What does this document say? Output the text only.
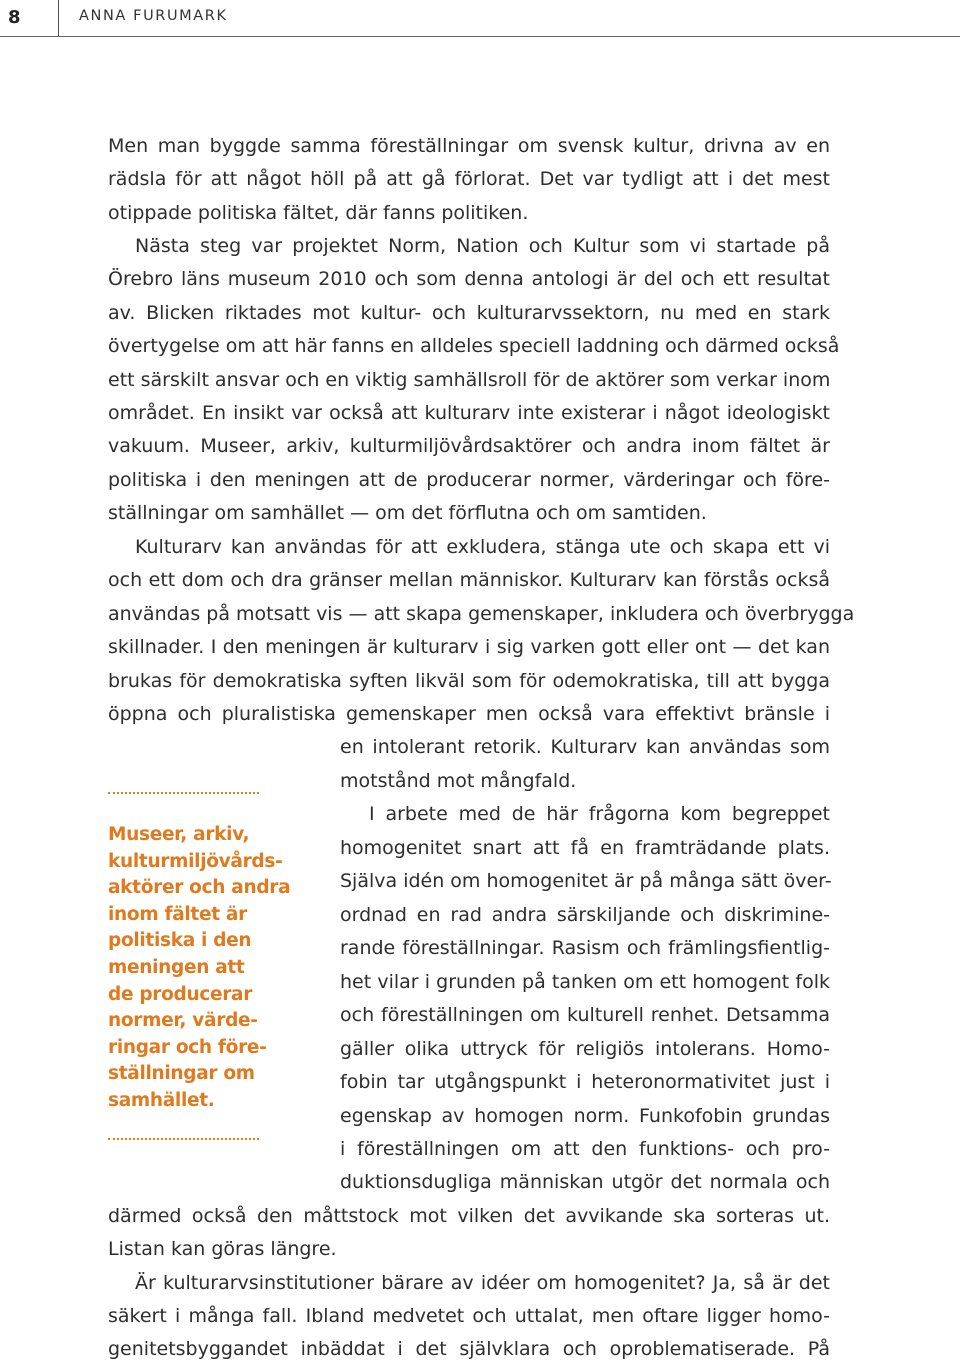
8	ANNA FURUMARK
Men man byggde samma föreställningar om svensk kultur, drivna av en
rädsla för att något höll på att gå förlorat. Det var tydligt att i det mest
otippade politiska fältet, där fanns politiken.
Nästa steg var projektet Norm, Nation och Kultur som vi startade på
Örebro läns museum 2010 och som denna antologi är del och ett resultat
av. Blicken riktades mot kultur- och kulturarvssektorn, nu med en stark
övertygelse om att här fanns en alldeles speciell laddning och därmed också
ett särskilt ansvar och en viktig samhällsroll för de aktörer som verkar inom
området. En insikt var också att kulturarv inte existerar i något ideologiskt
vakuum. Museer, arkiv, kulturmiljövårdsaktörer och andra inom fältet är
politiska i den meningen att de producerar normer, värderingar och före-
ställningar om samhället — om det förflutna och om samtiden.
Kulturarv kan användas för att exkludera, stänga ute och skapa ett vi
och ett dom och dra gränser mellan människor. Kulturarv kan förstås också
användas på motsatt vis — att skapa gemenskaper, inkludera och överbrygga
skillnader. I den meningen är kulturarv i sig varken gott eller ont — det kan
brukas för demokratiska syften likväl som för odemokratiska, till att bygga
öppna och pluralistiska gemenskaper men också vara effektivt bränsle i
en intolerant retorik. Kulturarv kan användas som
motstånd mot mångfald.
I arbete med de här frågorna kom begreppet
homogenitet snart att få en framträdande plats.
Själva idén om homogenitet är på många sätt över-
ordnad en rad andra särskiljande och diskrimine-
rande föreställningar. Rasism och främlingsfientlig-
het vilar i grunden på tanken om ett homogent folk
och föreställningen om kulturell renhet. Detsamma
gäller olika uttryck för religiös intolerans. Homo-
fobin tar utgångspunkt i heteronormativitet just i
egenskap av homogen norm. Funkofobin grundas
i föreställningen om att den funktions- och pro-
duktionsdugliga människan utgör det normala och
därmed också den måttstock mot vilken det avvikande ska sorteras ut.
Listan kan göras längre.
Är kulturarvsinstitutioner bärare av idéer om homogenitet? Ja, så är det
säkert i många fall. Ibland medvetet och uttalat, men oftare ligger homo-
genitetsbyggandet inbäddat i det självklara och oproblematiserade. På
Museer, arkiv,
kulturmiljövårds-
aktörer och andra
inom fältet är
politiska i den
meningen att
de producerar
normer, värde-
ringar och före-
ställningar om
samhället.
